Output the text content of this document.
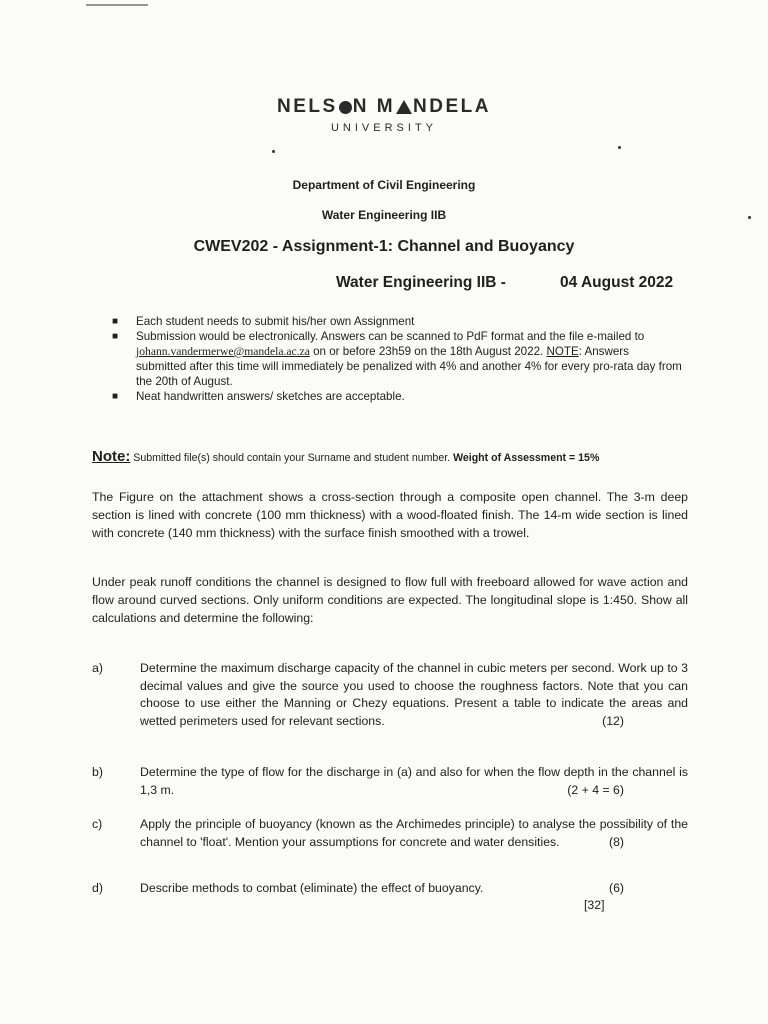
NELS N M NDELA
UNIVERSITY
Department of Civil Engineering
Water Engineering IIB
CWEV202 - Assignment-1: Channel and Buoyancy
Water Engineering IIB -	04 August 2022
■	Each student needs to submit his/her own Assignment
■	Submission would be electronically. Answers can be scanned to PdF format and the file e-mailed to johann.vandermerwe@mandela.ac.za on or before 23h59 on the 18th August 2022. NOTE: Answers submitted after this time will immediately be penalized with 4% and another 4% for every pro-rata day from the 20th of August.
■	Neat handwritten answers/ sketches are acceptable.
Note: Submitted file(s) should contain your Surname and student number. Weight of Assessment = 15%
The Figure on the attachment shows a cross-section through a composite open channel. The 3-m deep section is lined with concrete (100 mm thickness) with a wood-floated finish. The 14-m wide section is lined with concrete (140 mm thickness) with the surface finish smoothed with a trowel.
Under peak runoff conditions the channel is designed to flow full with freeboard allowed for wave action and flow around curved sections. Only uniform conditions are expected. The longitudinal slope is 1:450. Show all calculations and determine the following:
a)	Determine the maximum discharge capacity of the channel in cubic meters per second. Work up to 3 decimal values and give the source you used to choose the roughness factors. Note that you can choose to use either the Manning or Chezy equations. Present a table to indicate the areas and wetted perimeters used for relevant sections.	(12)
b)	Determine the type of flow for the discharge in (a) and also for when the flow depth in the channel is 1,3 m.	(2 + 4 = 6)
c)	Apply the principle of buoyancy (known as the Archimedes principle) to analyse the possibility of the channel to 'float'. Mention your assumptions for concrete and water densities.	(8)
d)	Describe methods to combat (eliminate) the effect of buoyancy.	(6)
[32]
